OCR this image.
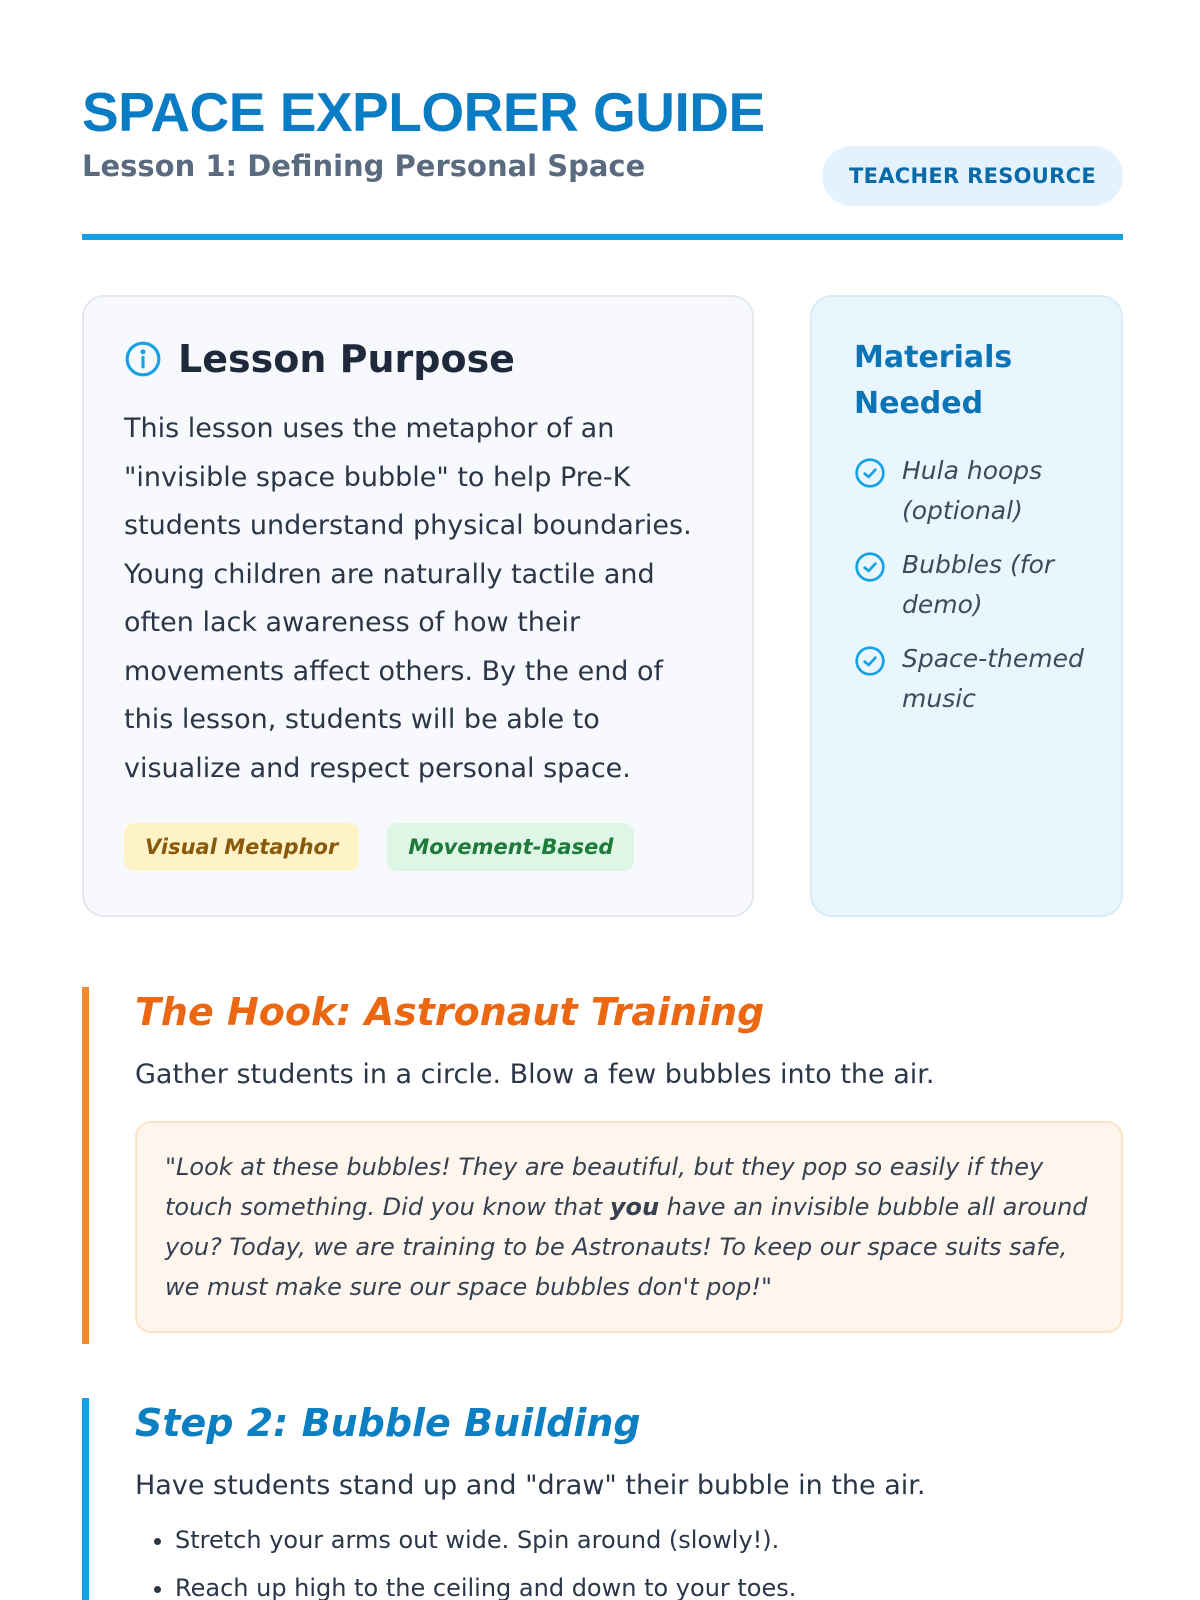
SPACE EXPLORER GUIDE

Lesson 1: Defining Personal Space	TEACHER RESOURCE
Lesson Purpose

This lesson uses the metaphor of an "invisible space bubble" to help Pre-K students understand physical boundaries. Young children are naturally tactile and often lack awareness of how their movements affect others. By the end of this lesson, students will be able to visualize and respect personal space.

Visual Metaphor	Movement-Based
Materials Needed
Hula hoops (optional)
Bubbles (for demo)
Space-themed music
The Hook: Astronaut Training

Gather students in a circle. Blow a few bubbles into the air.

"Look at these bubbles! They are beautiful, but they pop so easily if they touch something. Did you know that you have an invisible bubble all around you? Today, we are training to be Astronauts! To keep our space suits safe, we must make sure our space bubbles don't pop!"
Step 2: Bubble Building

Have students stand up and "draw" their bubble in the air.

• Stretch your arms out wide. Spin around (slowly!).
• Reach up high to the ceiling and down to your toes.
